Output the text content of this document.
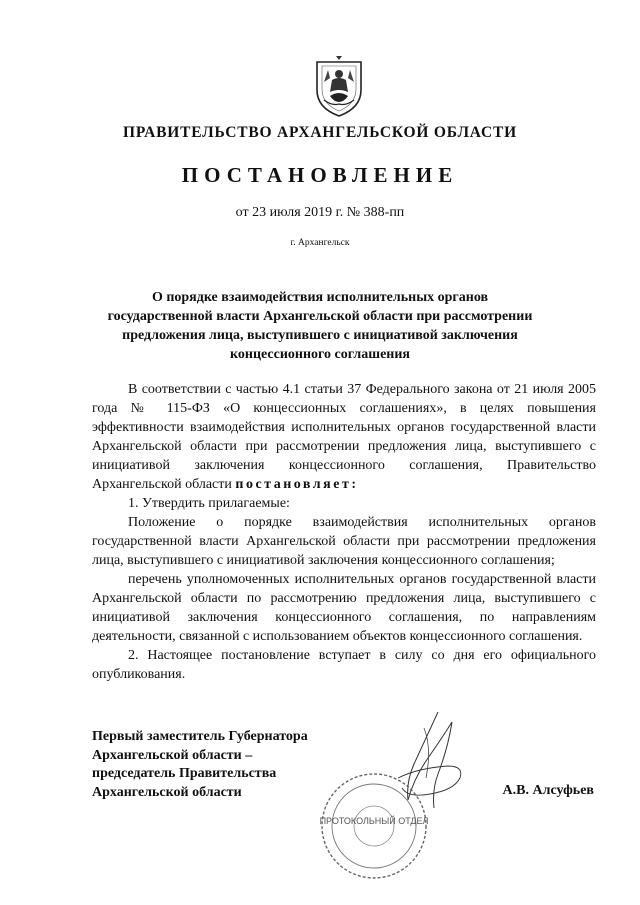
ПРАВИТЕЛЬСТВО АРХАНГЕЛЬСКОЙ ОБЛАСТИ
ПОСТАНОВЛЕНИЕ
от 23 июля 2019 г. № 388-пп
г. Архангельск
О порядке взаимодействия исполнительных органов
государственной власти Архангельской области при рассмотрении
предложения лица, выступившего с инициативой заключения
концессионного соглашения

В соответствии с частью 4.1 статьи 37 Федерального закона от 21 июля 2005 года № 115-ФЗ «О концессионных соглашениях», в целях повышения эффективности взаимодействия исполнительных органов государственной власти Архангельской области при рассмотрении предложения лица, выступившего с инициативой заключения концессионного соглашения, Правительство Архангельской области постановляет:

1. Утвердить прилагаемые:

Положение о порядке взаимодействия исполнительных органов государственной власти Архангельской области при рассмотрении предложения лица, выступившего с инициативой заключения концессионного соглашения;

перечень уполномоченных исполнительных органов государственной власти Архангельской области по рассмотрению предложения лица, выступившего с инициативой заключения концессионного соглашения, по направлениям деятельности, связанной с использованием объектов концессионного соглашения.

2. Настоящее постановление вступает в силу со дня его официального опубликования.

Первый заместитель Губернатора
Архангельской области –
председатель Правительства
Архангельской области	А.В. Алсуфьев
ПРОТОКОЛЬНЫЙ ОТДЕЛ
